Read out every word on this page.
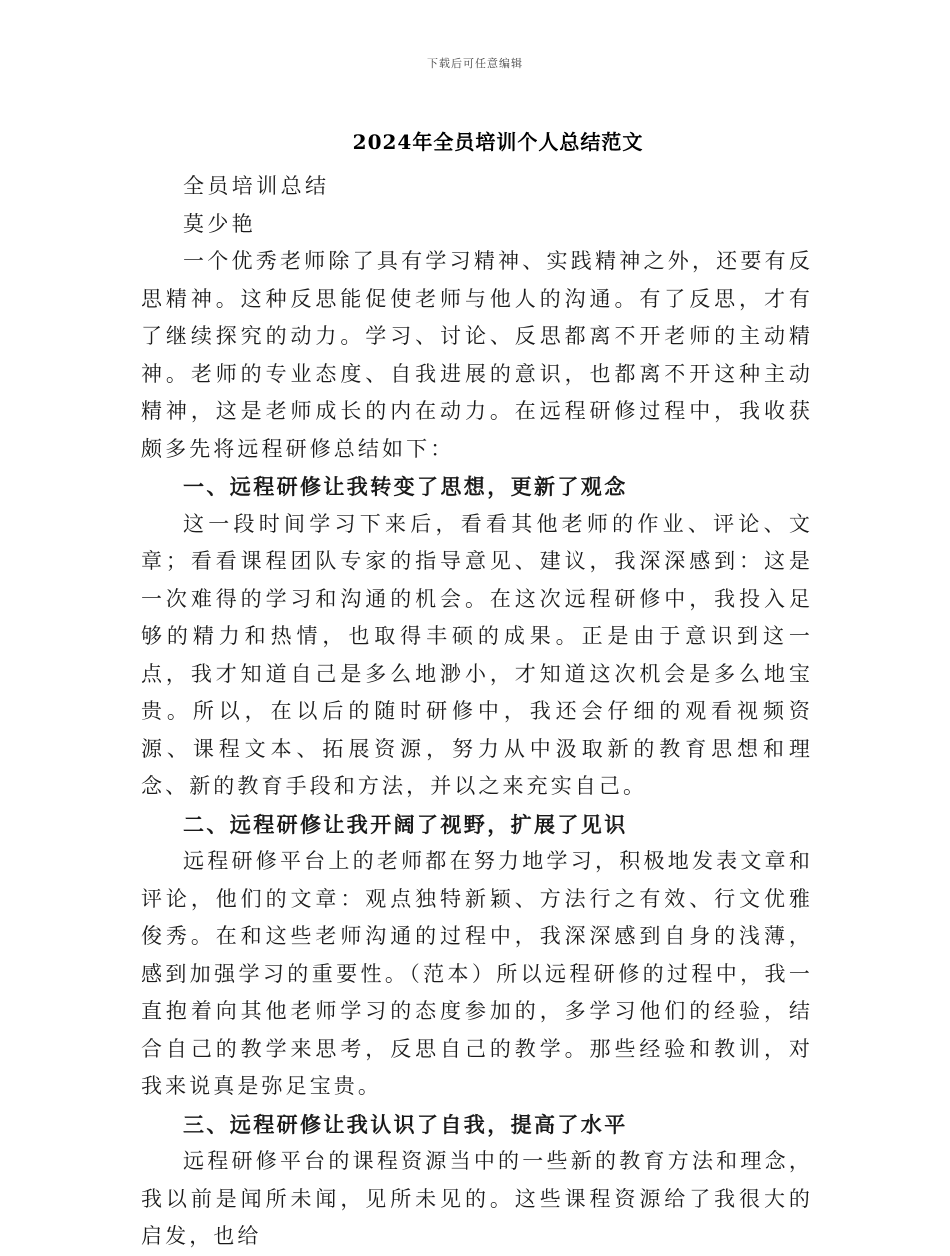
下载后可任意编辑
2024年全员培训个人总结范文

全员培训总结

莫少艳

一个优秀老师除了具有学习精神、实践精神之外，还要有反思精神。这种反思能促使老师与他人的沟通。有了反思，才有了继续探究的动力。学习、讨论、反思都离不开老师的主动精神。老师的专业态度、自我进展的意识，也都离不开这种主动精神，这是老师成长的内在动力。在远程研修过程中，我收获颇多先将远程研修总结如下：

一、远程研修让我转变了思想，更新了观念

这一段时间学习下来后，看看其他老师的作业、评论、文章；看看课程团队专家的指导意见、建议，我深深感到：这是一次难得的学习和沟通的机会。在这次远程研修中，我投入足够的精力和热情，也取得丰硕的成果。正是由于意识到这一点，我才知道自己是多么地渺小，才知道这次机会是多么地宝贵。所以，在以后的随时研修中，我还会仔细的观看视频资源、课程文本、拓展资源，努力从中汲取新的教育思想和理念、新的教育手段和方法，并以之来充实自己。

二、远程研修让我开阔了视野，扩展了见识

远程研修平台上的老师都在努力地学习，积极地发表文章和评论，他们的文章：观点独特新颖、方法行之有效、行文优雅俊秀。在和这些老师沟通的过程中，我深深感到自身的浅薄，感到加强学习的重要性。（范本）所以远程研修的过程中，我一直抱着向其他老师学习的态度参加的，多学习他们的经验，结合自己的教学来思考，反思自己的教学。那些经验和教训，对我来说真是弥足宝贵。

三、远程研修让我认识了自我，提高了水平

远程研修平台的课程资源当中的一些新的教育方法和理念，我以前是闻所未闻，见所未见的。这些课程资源给了我很大的启发，也给
